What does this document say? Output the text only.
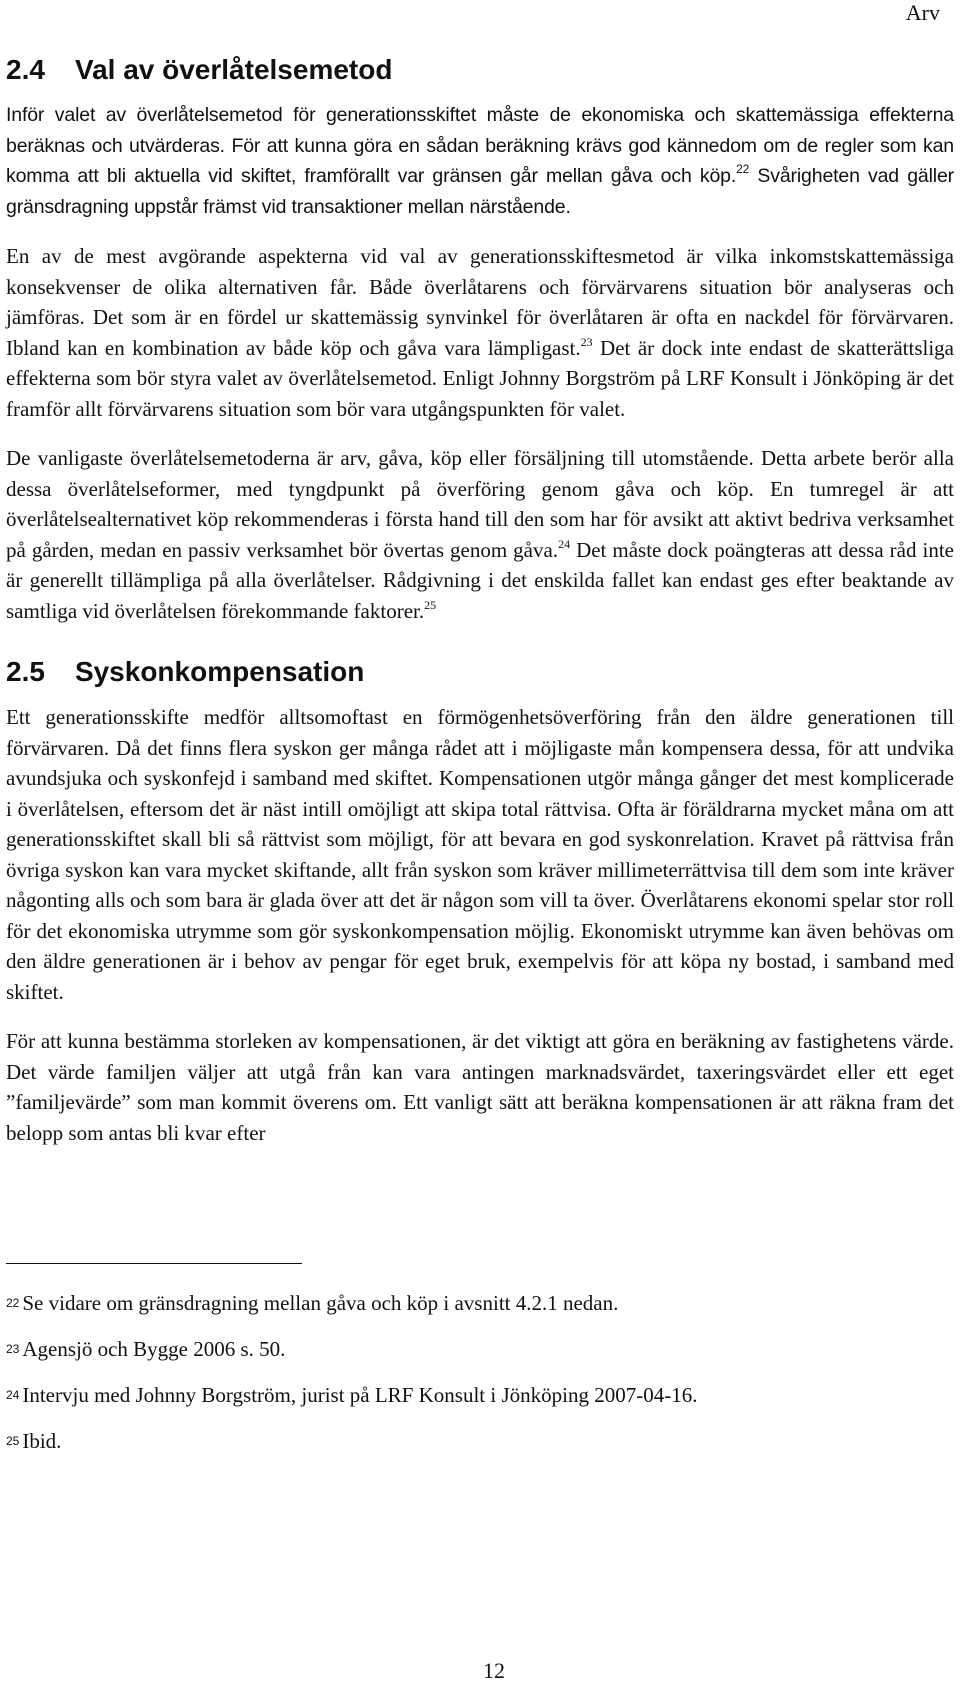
Arv
2.4 Val av överlåtelsemetod

Inför valet av överlåtelsemetod för generationsskiftet måste de ekonomiska och skattemässiga effekterna beräknas och utvärderas. För att kunna göra en sådan beräkning krävs god kännedom om de regler som kan komma att bli aktuella vid skiftet, framförallt var gränsen går mellan gåva och köp.$^{22}$ Svårigheten vad gäller gränsdragning uppstår främst vid transaktioner mellan närstående.

En av de mest avgörande aspekterna vid val av generationsskiftesmetod är vilka inkomstskattemässiga konsekvenser de olika alternativen får. Både överlåtarens och förvärvarens situation bör analyseras och jämföras. Det som är en fördel ur skattemässig synvinkel för överlåtaren är ofta en nackdel för förvärvaren. Ibland kan en kombination av både köp och gåva vara lämpligast.$^{23}$ Det är dock inte endast de skatterättsliga effekterna som bör styra valet av överlåtelsemetod. Enligt Johnny Borgström på LRF Konsult i Jönköping är det framför allt förvärvarens situation som bör vara utgångspunkten för valet.

De vanligaste överlåtelsemetoderna är arv, gåva, köp eller försäljning till utomstående. Detta arbete berör alla dessa överlåtelseformer, med tyngdpunkt på överföring genom gåva och köp. En tumregel är att överlåtelsealternativet köp rekommenderas i första hand till den som har för avsikt att aktivt bedriva verksamhet på gården, medan en passiv verksamhet bör övertas genom gåva.$^{24}$ Det måste dock poängteras att dessa råd inte är generellt tillämpliga på alla överlåtelser. Rådgivning i det enskilda fallet kan endast ges efter beaktande av samtliga vid överlåtelsen förekommande faktorer.$^{25}$

2.5 Syskonkompensation

Ett generationsskifte medför alltsomoftast en förmögenhetsöverföring från den äldre generationen till förvärvaren. Då det finns flera syskon ger många rådet att i möjligaste mån kompensera dessa, för att undvika avundsjuka och syskonfejd i samband med skiftet. Kompensationen utgör många gånger det mest komplicerade i överlåtelsen, eftersom det är näst intill omöjligt att skipa total rättvisa. Ofta är föräldrarna mycket måna om att generationsskiftet skall bli så rättvist som möjligt, för att bevara en god syskonrelation. Kravet på rättvisa från övriga syskon kan vara mycket skiftande, allt från syskon som kräver millimeterrättvisa till dem som inte kräver någonting alls och som bara är glada över att det är någon som vill ta över. Överlåtarens ekonomi spelar stor roll för det ekonomiska utrymme som gör syskonkompensation möjlig. Ekonomiskt utrymme kan även behövas om den äldre generationen är i behov av pengar för eget bruk, exempelvis för att köpa ny bostad, i samband med skiftet.

För att kunna bestämma storleken av kompensationen, är det viktigt att göra en beräkning av fastighetens värde. Det värde familjen väljer att utgå från kan vara antingen marknadsvärdet, taxeringsvärdet eller ett eget ”familjevärde” som man kommit överens om. Ett vanligt sätt att beräkna kompensationen är att räkna fram det belopp som antas bli kvar efter

22 Se vidare om gränsdragning mellan gåva och köp i avsnitt 4.2.1 nedan.

23 Agensjö och Bygge 2006 s. 50.

24 Intervju med Johnny Borgström, jurist på LRF Konsult i Jönköping 2007-04-16.

25 Ibid.

12
